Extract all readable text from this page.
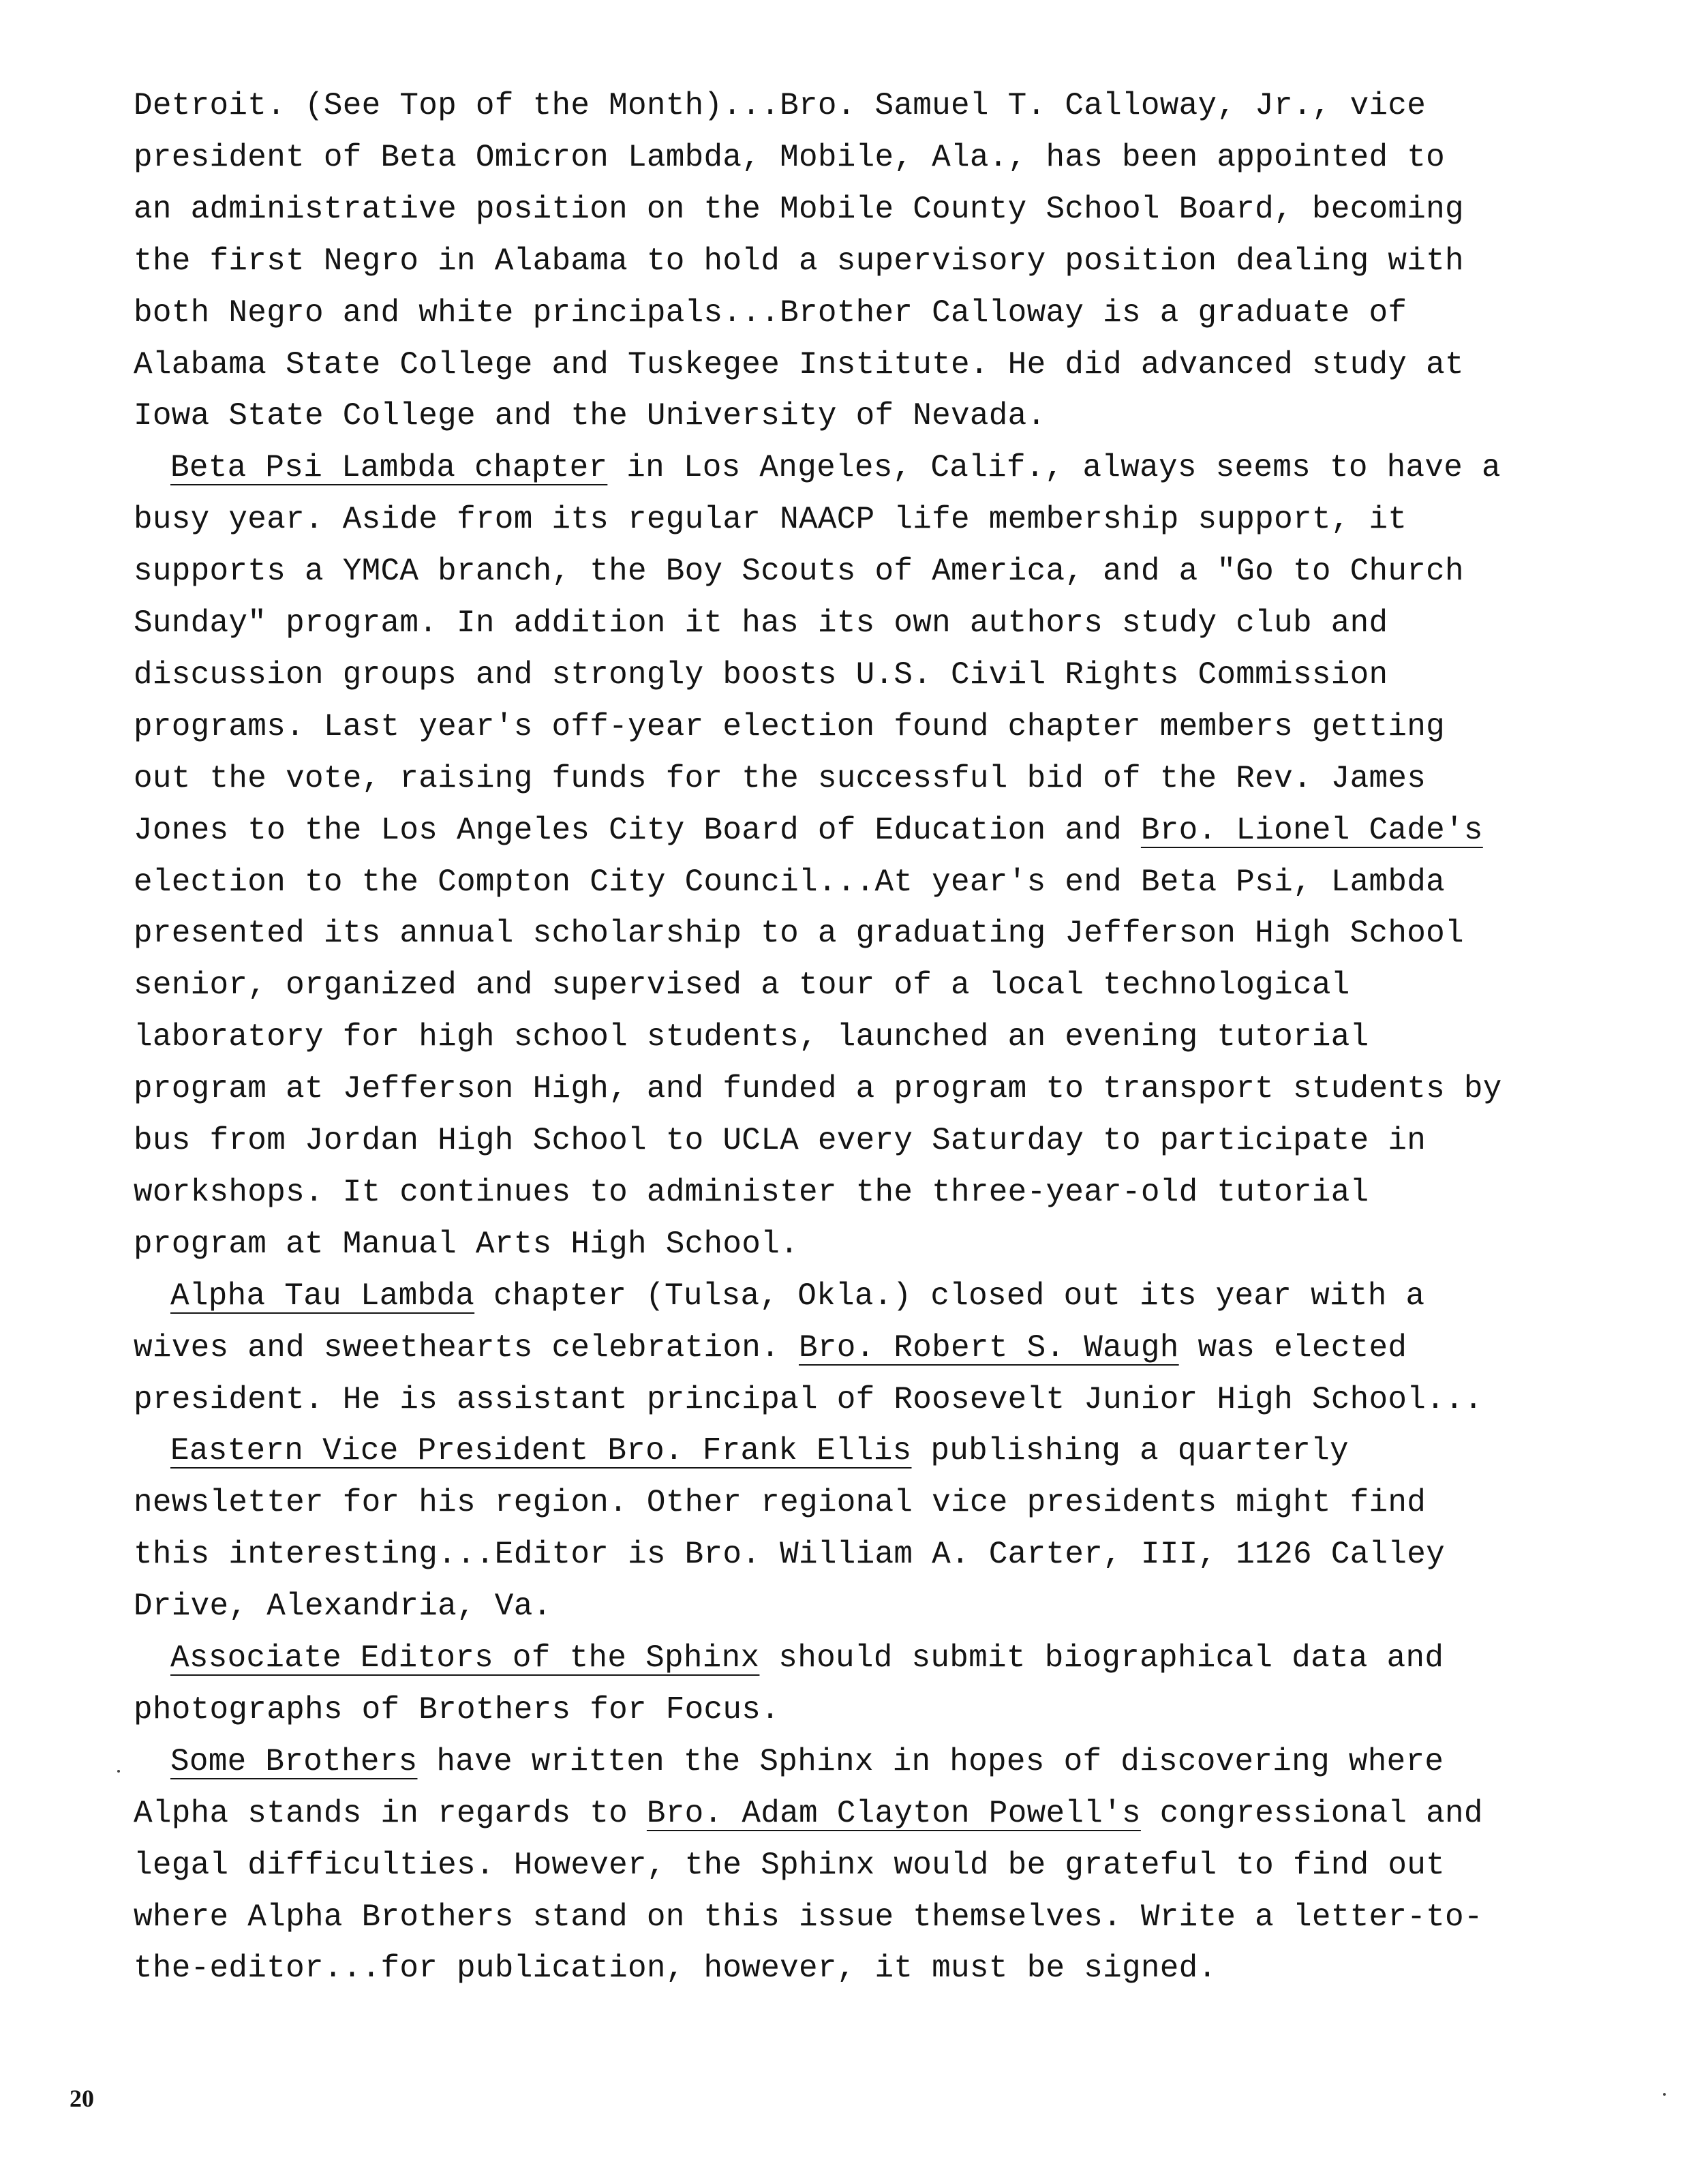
Detroit. (See Top of the Month)...Bro. Samuel T. Calloway, Jr., vice
president of Beta Omicron Lambda, Mobile, Ala., has been appointed to
an administrative position on the Mobile County School Board, becoming
the first Negro in Alabama to hold a supervisory position dealing with
both Negro and white principals...Brother Calloway is a graduate of
Alabama State College and Tuskegee Institute. He did advanced study at
Iowa State College and the University of Nevada.
Beta Psi Lambda chapter in Los Angeles, Calif., always seems to have a
busy year. Aside from its regular NAACP life membership support, it
supports a YMCA branch, the Boy Scouts of America, and a "Go to Church
Sunday" program. In addition it has its own authors study club and
discussion groups and strongly boosts U.S. Civil Rights Commission
programs. Last year's off-year election found chapter members getting
out the vote, raising funds for the successful bid of the Rev. James
Jones to the Los Angeles City Board of Education and Bro. Lionel Cade's
election to the Compton City Council...At year's end Beta Psi, Lambda
presented its annual scholarship to a graduating Jefferson High School
senior, organized and supervised a tour of a local technological
laboratory for high school students, launched an evening tutorial
program at Jefferson High, and funded a program to transport students by
bus from Jordan High School to UCLA every Saturday to participate in
workshops. It continues to administer the three-year-old tutorial
program at Manual Arts High School.
Alpha Tau Lambda chapter (Tulsa, Okla.) closed out its year with a
wives and sweethearts celebration. Bro. Robert S. Waugh was elected
president. He is assistant principal of Roosevelt Junior High School...
Eastern Vice President Bro. Frank Ellis publishing a quarterly
newsletter for his region. Other regional vice presidents might find
this interesting...Editor is Bro. William A. Carter, III, 1126 Calley
Drive, Alexandria, Va.
Associate Editors of the Sphinx should submit biographical data and
photographs of Brothers for Focus.
Some Brothers have written the Sphinx in hopes of discovering where
Alpha stands in regards to Bro. Adam Clayton Powell's congressional and
legal difficulties. However, the Sphinx would be grateful to find out
where Alpha Brothers stand on this issue themselves. Write a letter-to-
the-editor...for publication, however, it must be signed.
20
